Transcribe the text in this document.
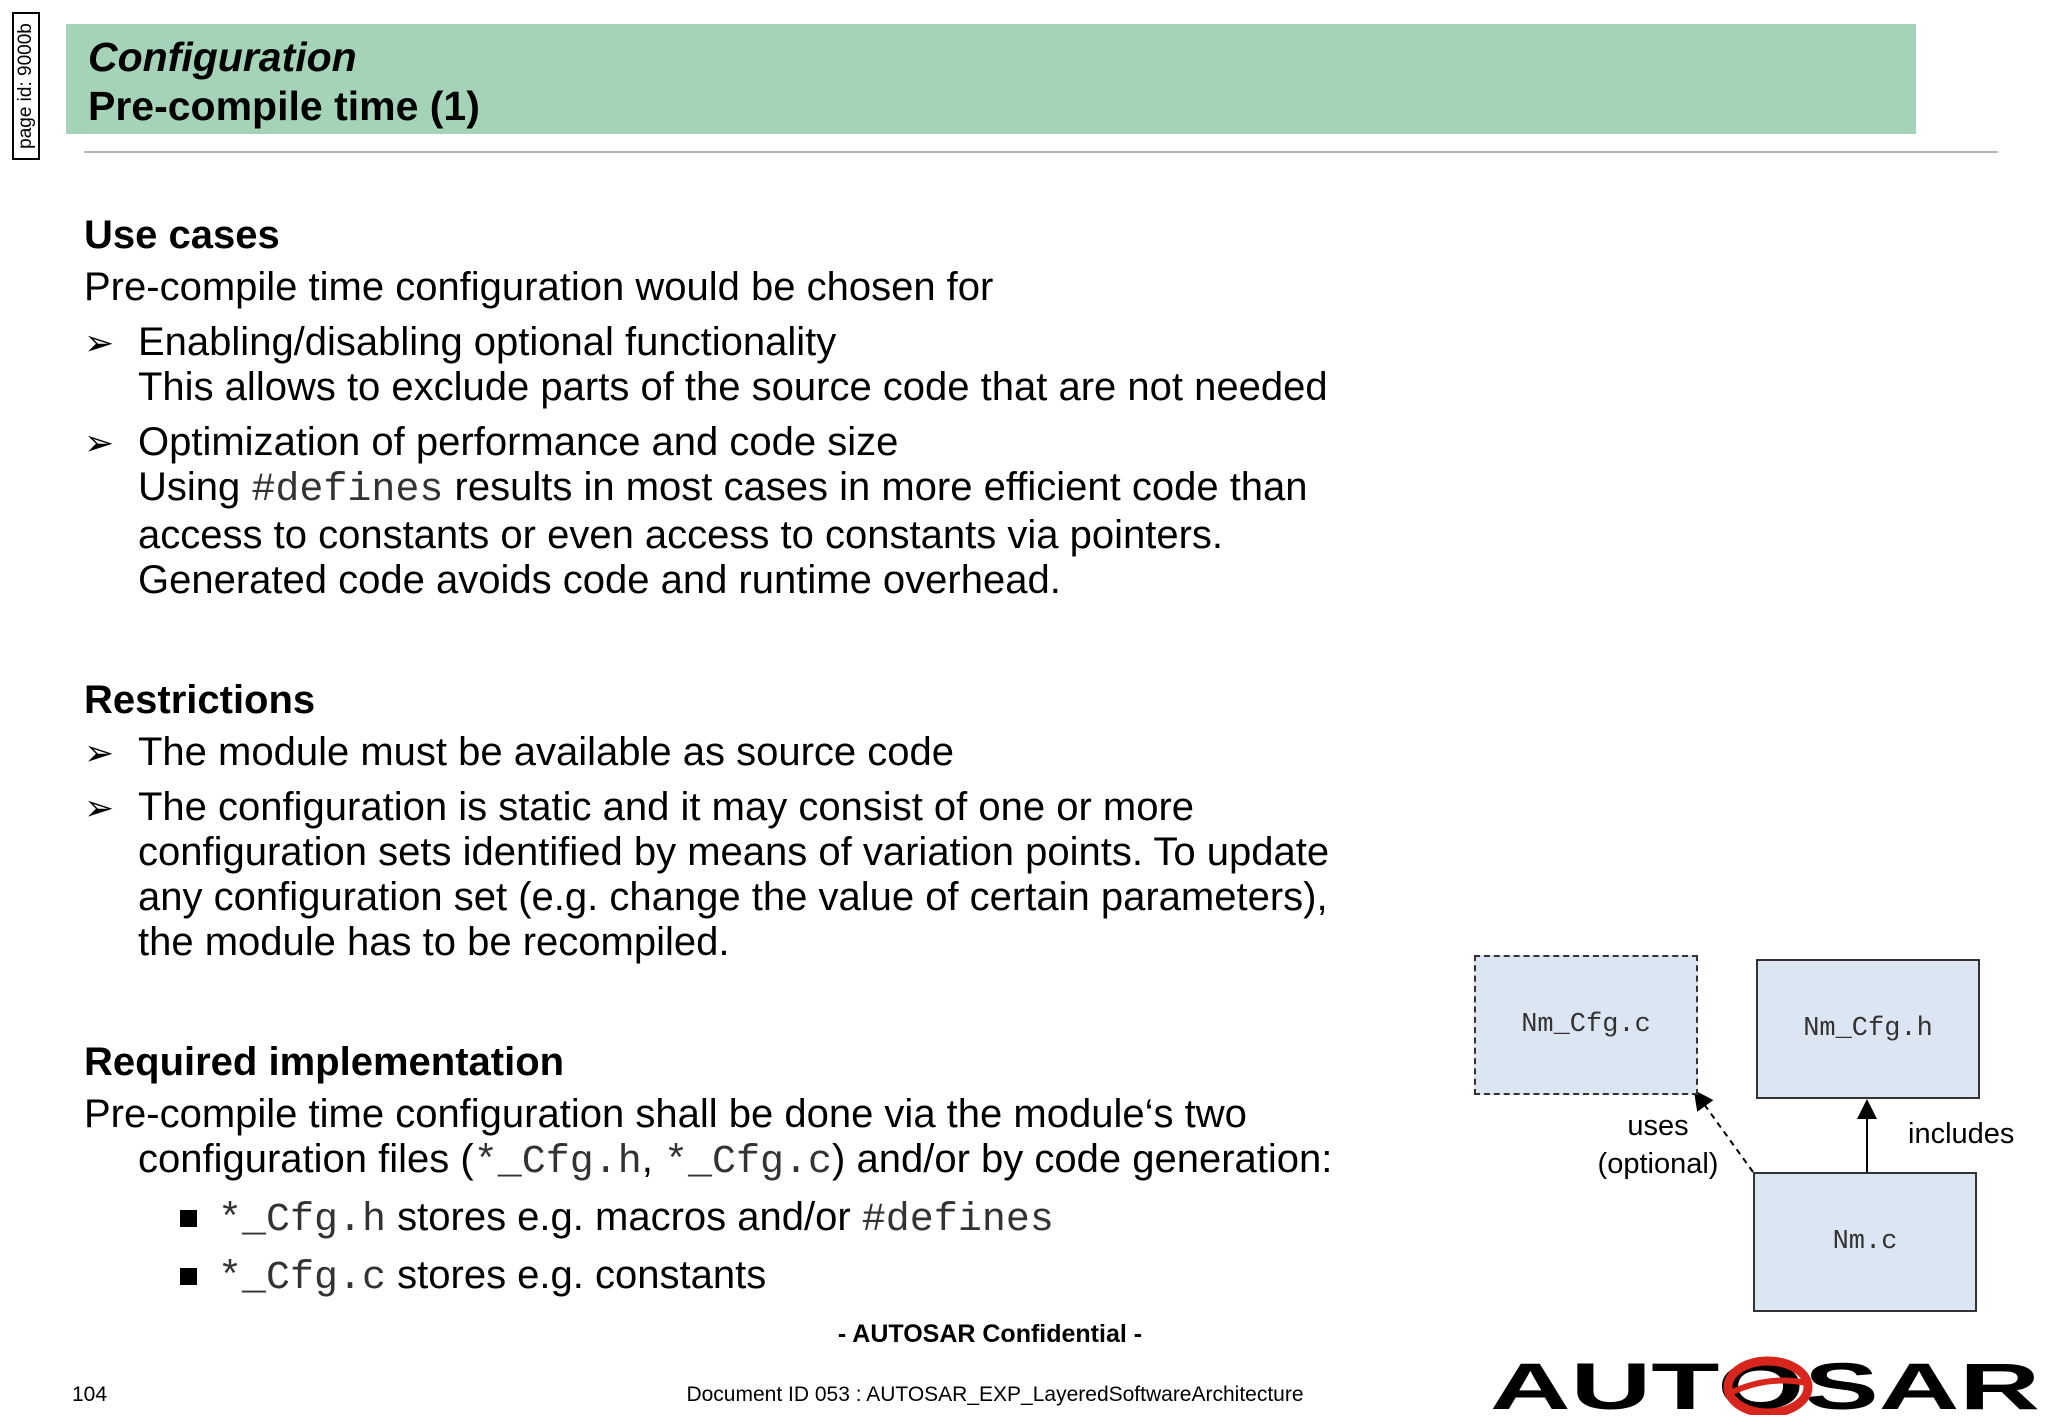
page id: 9000b Configuration
Pre-compile time (1)
Use cases
Pre-compile time configuration would be chosen for
➢ Enabling/disabling optional functionality
This allows to exclude parts of the source code that are not needed
➢ Optimization of performance and code size
Using #defines results in most cases in more efficient code than
access to constants or even access to constants via pointers.
Generated code avoids code and runtime overhead.
Restrictions
➢ The module must be available as source code
➢ The configuration is static and it may consist of one or more
configuration sets identified by means of variation points. To update
any configuration set (e.g. change the value of certain parameters),
the module has to be recompiled.
Required implementation
Pre-compile time configuration shall be done via the module‘s two
configuration files (*_Cfg.h, *_Cfg.c) and/or by code generation:
*_Cfg.h stores e.g. macros and/or #defines
*_Cfg.c stores e.g. constants
Nm_Cfg.c	Nm_Cfg.h
Nm.c
uses
(optional)
includes
- AUTOSAR Confidential -
104	Document ID 053 : AUTOSAR_EXP_LayeredSoftwareArchitecture	AUTOSAR
